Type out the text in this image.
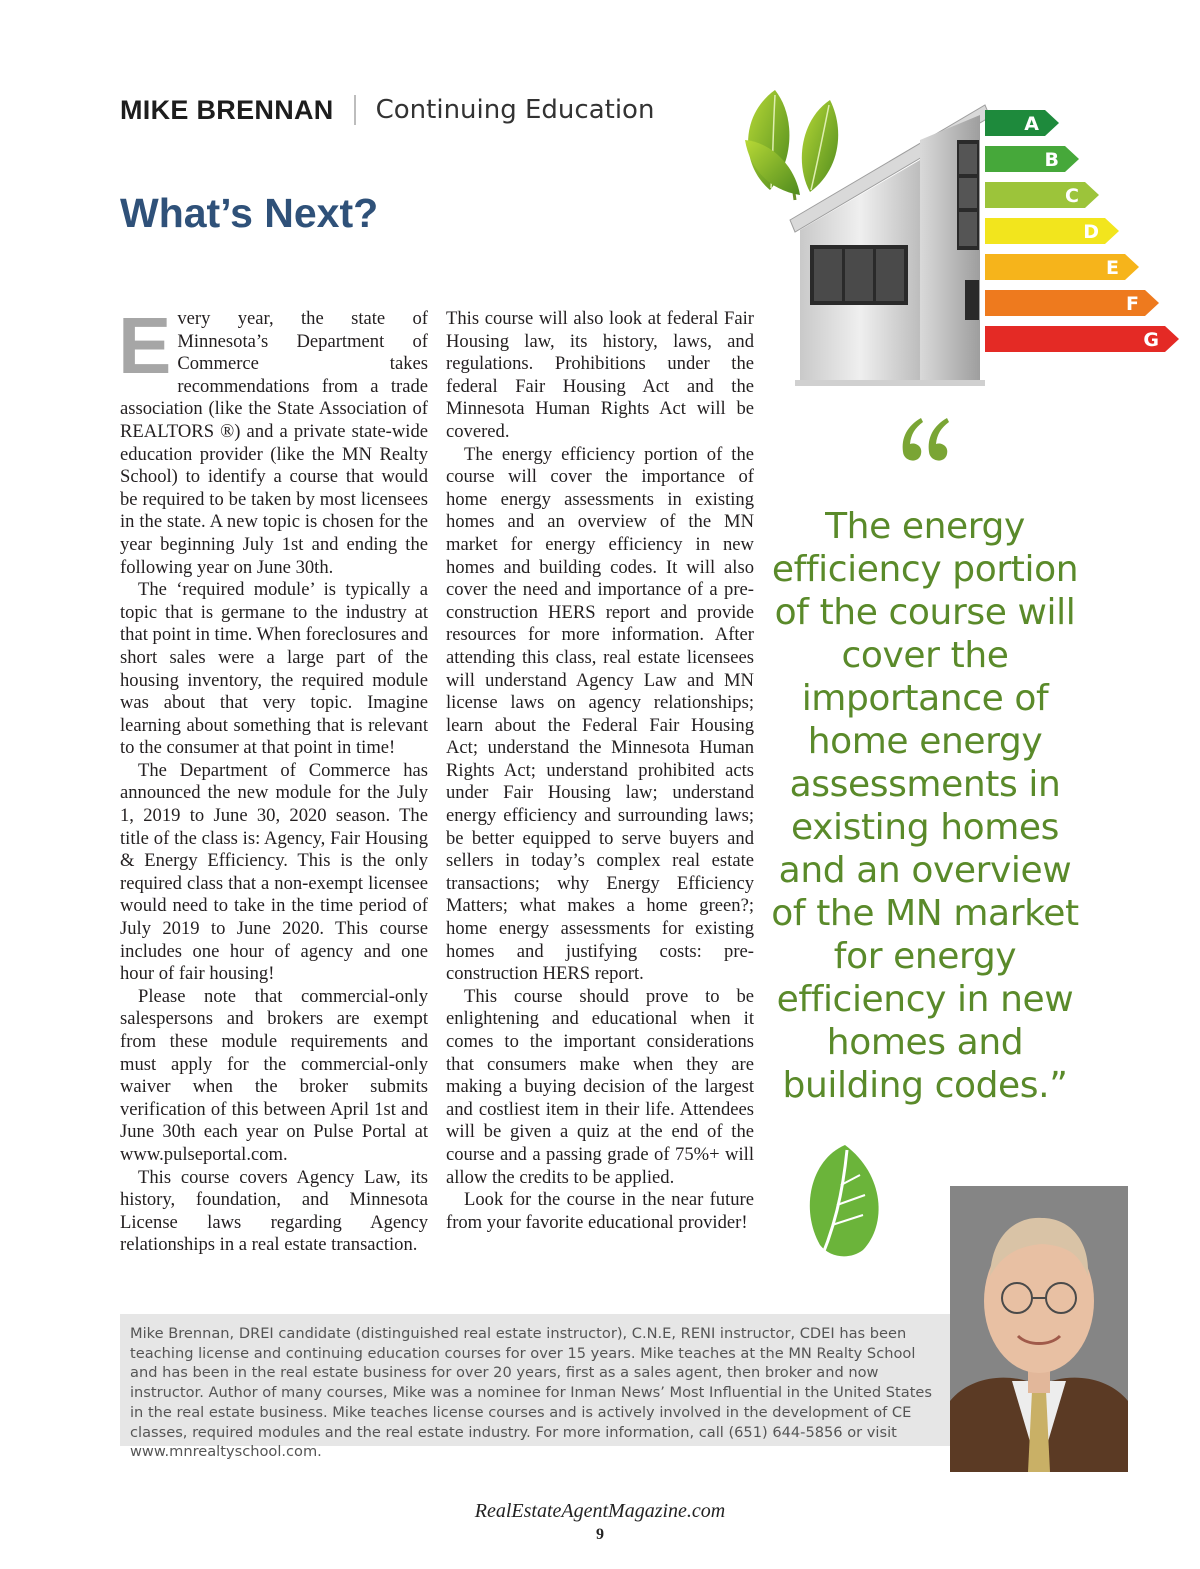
MIKE BRENNAN Continuing Education
What’s Next?
A
B
C
D
E
F
G

Every year, the state of Minnesota’s Department of Commerce takes recommendations from a trade association (like the State Association of REALTORS ®) and a private state-wide education provider (like the MN Realty School) to identify a course that would be required to be taken by most licensees in the state. A new topic is chosen for the year beginning July 1st and ending the following year on June 30th.

The ‘required module’ is typically a topic that is germane to the industry at that point in time. When foreclosures and short sales were a large part of the housing inventory, the required module was about that very topic. Imagine learning about something that is relevant to the consumer at that point in time!

The Department of Commerce has announced the new module for the July 1, 2019 to June 30, 2020 season. The title of the class is: Agency, Fair Housing & Energy Efficiency. This is the only required class that a non-exempt licensee would need to take in the time period of July 2019 to June 2020. This course includes one hour of agency and one hour of fair housing!

Please note that commercial-only salespersons and brokers are exempt from these module requirements and must apply for the commercial-only waiver when the broker submits verification of this between April 1st and June 30th each year on Pulse Portal at www.pulseportal.com.

This course covers Agency Law, its history, foundation, and Minnesota License laws regarding Agency relationships in a real estate transaction.

This course will also look at federal Fair Housing law, its history, laws, and regulations. Prohibitions under the federal Fair Housing Act and the Minnesota Human Rights Act will be covered.

The energy efficiency portion of the course will cover the importance of home energy assessments in existing homes and an overview of the MN market for energy efficiency in new homes and building codes. It will also cover the need and importance of a pre-construction HERS report and provide resources for more information. After attending this class, real estate licensees will understand Agency Law and MN license laws on agency relationships; learn about the Federal Fair Housing Act; understand the Minnesota Human Rights Act; understand prohibited acts under Fair Housing law; understand energy efficiency and surrounding laws; be better equipped to serve buyers and sellers in today’s complex real estate transactions; why Energy Efficiency Matters; what makes a home green?; home energy assessments for existing homes and justifying costs: pre-construction HERS report.

This course should prove to be enlightening and educational when it comes to the important considerations that consumers make when they are making a buying decision of the largest and costliest item in their life. Attendees will be given a quiz at the end of the course and a passing grade of 75%+ will allow the credits to be applied.

Look for the course in the near future from your favorite educational provider!

The energy efficiency portion of the course will cover the importance of home energy assessments in existing homes and an overview of the MN market for energy efficiency in new homes and building codes.”
Mike Brennan, DREI candidate (distinguished real estate instructor), C.N.E, RENI instructor, CDEI has been teaching license and continuing education courses for over 15 years. Mike teaches at the MN Realty School and has been in the real estate business for over 20 years, first as a sales agent, then broker and now instructor. Author of many courses, Mike was a nominee for Inman News’ Most Influential in the United States in the real estate business. Mike teaches license courses and is actively involved in the development of CE classes, required modules and the real estate industry. For more information, call (651) 644-5856 or visit www.mnrealtyschool.com.
RealEstateAgentMagazine.com
9
